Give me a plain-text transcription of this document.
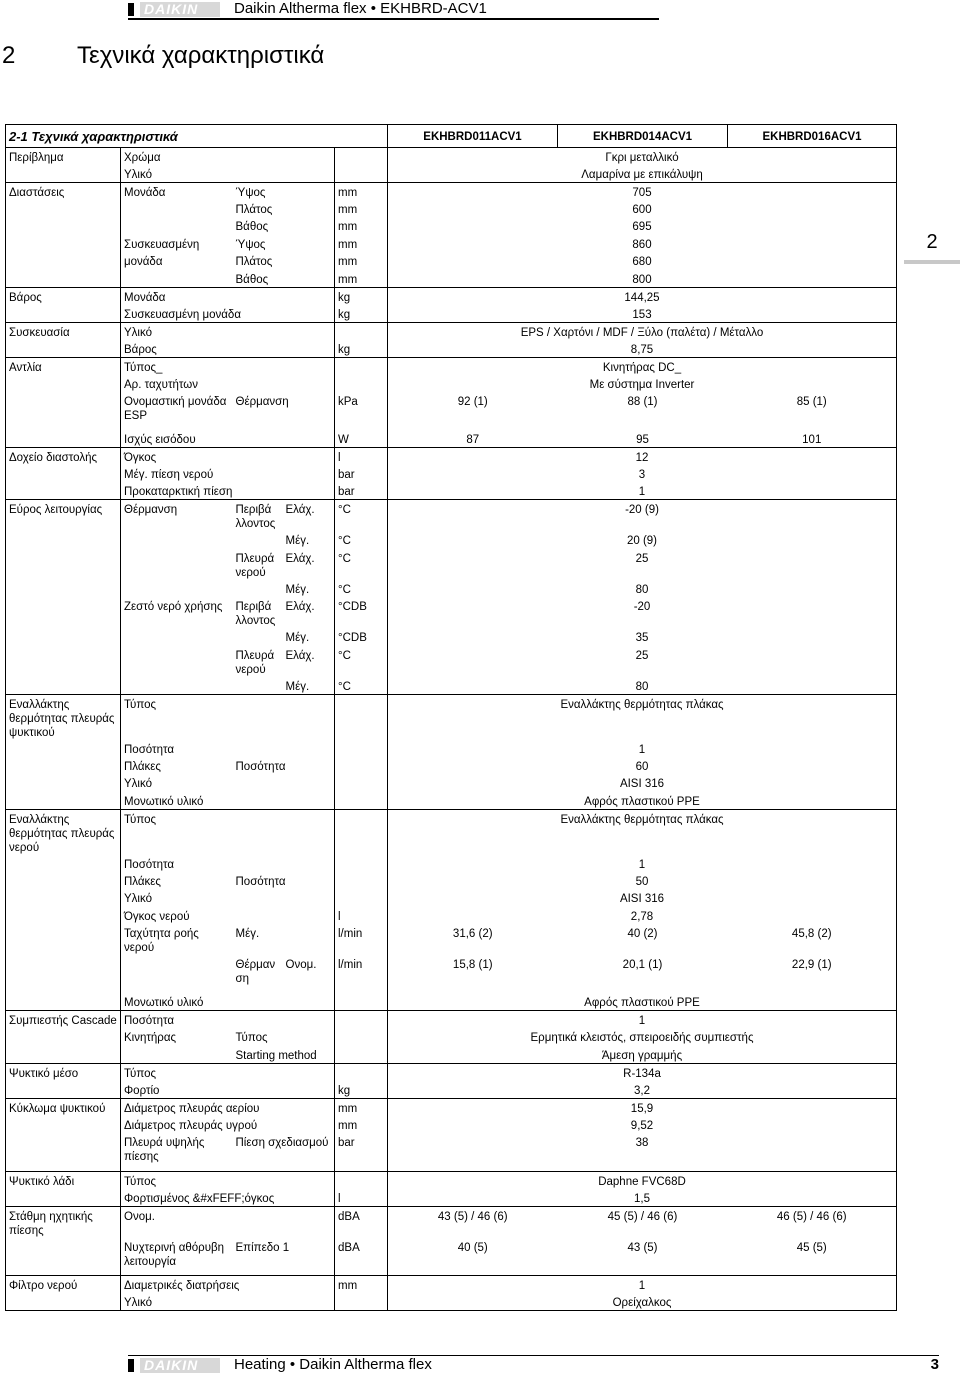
DAIKIN	Daikin Altherma flex • EKHBRD-ACV1
2	Τεχνικά χαρακτηριστικά
2
2-1 Τεχνικά χαρακτηριστικά					EKHBRD011ACV1	EKHBRD014ACV1	EKHBRD016ACV1
Περίβλημα	Χρώμα				Γκρι μεταλλικό		
	Υλικό				Λαμαρίνα με επικάλυψη		
Διαστάσεις	Μονάδα	Ύψος		mm	705		
		Πλάτος		mm	600		
		Βάθος		mm	695		
	Συσκευασμένη	Ύψος		mm	860		
	μονάδα	Πλάτος		mm	680		
		Βάθος		mm	800		
Βάρος	Μονάδα			kg	144,25		
	Συσκευασμένη μονάδα			kg	153		
Συσκευασία	Υλικό				EPS / Χαρτόνι / MDF / Ξύλο (παλέτα) / Μέταλλο		
	Βάρος			kg	8,75		
Αντλία	Τύπος_				Κινητήρας DC_		
	Αρ. ταχυτήτων				Με σύστημα Inverter		
	Ονομαστική μονάδα ESP	Θέρμανση		kPa	92 (1)	88 (1)	85 (1)
	Ισχύς εισόδου			W	87	95	101
Δοχείο διαστολής	Όγκος			l	12		
	Μέγ. πίεση νερού			bar	3		
	Προκαταρκτική πίεση			bar	1		
Εύρος λειτουργίας	Θέρμανση	Περιβά λλοντος	Ελάχ.	°C	-20 (9)		
			Μέγ.	°C	20 (9)		
		Πλευρά νερού	Ελάχ.	°C	25		
			Μέγ.	°C	80		
	Ζεστό νερό χρήσης	Περιβά λλοντος	Ελάχ.	°CDB	-20		
			Μέγ.	°CDB	35		
		Πλευρά νερού	Ελάχ.	°C	25		
			Μέγ.	°C	80		
Εναλλάκτης θερμότητας πλευράς ψυκτικού	Τύπος				Εναλλάκτης θερμότητας πλάκας		
	Ποσότητα				1		
	Πλάκες	Ποσότητα			60		
	Υλικό				AISI 316		
	Μονωτικό υλικό				Αφρός πλαστικού PPE		
Εναλλάκτης θερμότητας πλευράς νερού	Τύπος				Εναλλάκτης θερμότητας πλάκας		
	Ποσότητα				1		
	Πλάκες	Ποσότητα			50		
	Υλικό				AISI 316		
	Όγκος νερού			l	2,78		
	Ταχύτητα ροής νερού	Μέγ.		l/min	31,6 (2)	40 (2)	45,8 (2)
		Θέρμαν ση	Ονομ.	l/min	15,8 (1)	20,1 (1)	22,9 (1)
	Μονωτικό υλικό				Αφρός πλαστικού PPE		
Συμπιεστής Cascade	Ποσότητα				1		
	Κινητήρας	Τύπος			Ερμητικά κλειστός, σπειροειδής συμπιεστής		
		Starting method			Άμεση γραμμής		
Ψυκτικό μέσο	Τύπος				R-134a		
	Φορτίο			kg	3,2		
Κύκλωμα ψυκτικού	Διάμετρος πλευράς αερίου			mm	15,9		
	Διάμετρος πλευράς υγρού			mm	9,52		
	Πλευρά υψηλής πίεσης	Πίεση σχεδιασμού		bar	38		
Ψυκτικό λάδι	Τύπος				Daphne FVC68D		
	Φορτισμένος &#xFEFF;όγκος			l	1,5		
Στάθμη ηχητικής πίεσης	Ονομ.			dBA	43 (5) / 46 (6)	45 (5) / 46 (6)	46 (5) / 46 (6)
	Νυχτερινή αθόρυβη λειτουργία	Επίπεδο 1		dBA	40 (5)	43 (5)	45 (5)
Φίλτρο νερού	Διαμετρικές διατρήσεις			mm	1		
	Υλικό				Ορείχαλκος		
DAIKIN	Heating • Daikin Altherma flex	3
